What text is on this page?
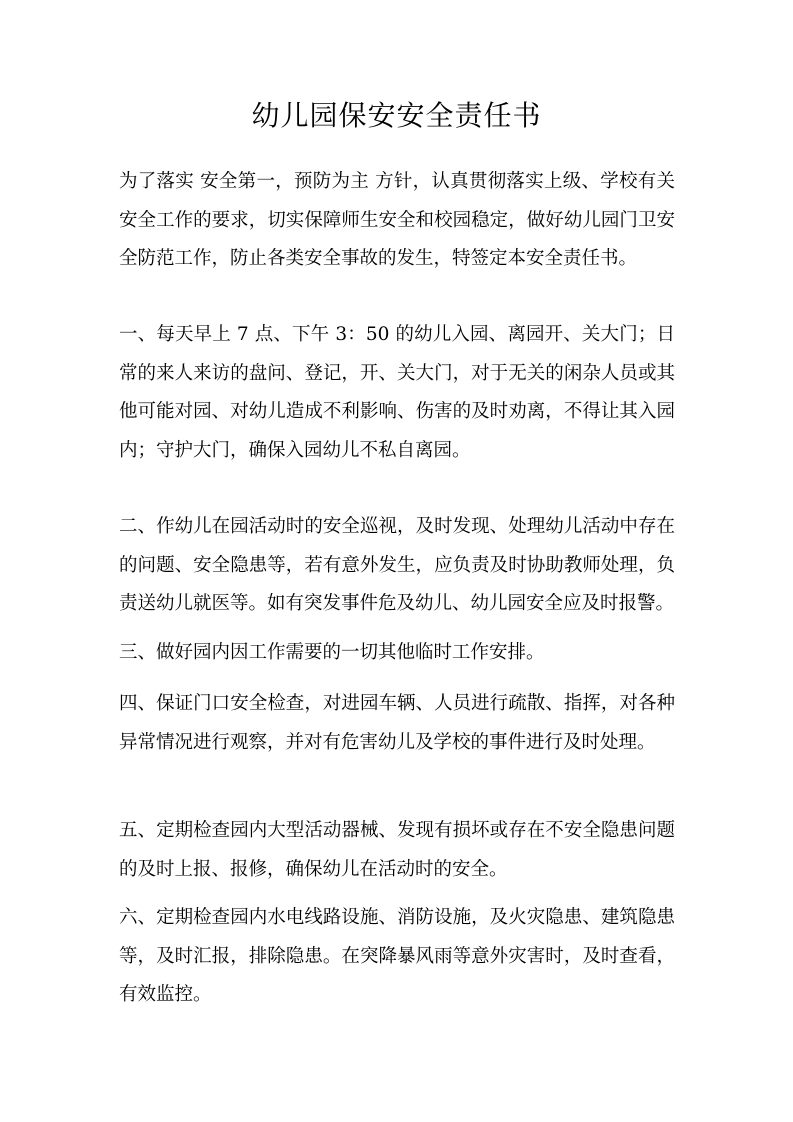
幼儿园保安安全责任书

为了落实 安全第一，预防为主 方针，认真贯彻落实上级、学校有关安全工作的要求，切实保障师生安全和校园稳定，做好幼儿园门卫安全防范工作，防止各类安全事故的发生，特签定本安全责任书。

一、每天早上 7 点、下午 3：50 的幼儿入园、离园开、关大门；日常的来人来访的盘问、登记，开、关大门，对于无关的闲杂人员或其他可能对园、对幼儿造成不利影响、伤害的及时劝离，不得让其入园内；守护大门，确保入园幼儿不私自离园。

二、作幼儿在园活动时的安全巡视，及时发现、处理幼儿活动中存在的问题、安全隐患等，若有意外发生，应负责及时协助教师处理，负责送幼儿就医等。如有突发事件危及幼儿、幼儿园安全应及时报警。

三、做好园内因工作需要的一切其他临时工作安排。

四、保证门口安全检查，对进园车辆、人员进行疏散、指挥，对各种异常情况进行观察，并对有危害幼儿及学校的事件进行及时处理。

五、定期检查园内大型活动器械、发现有损坏或存在不安全隐患问题的及时上报、报修，确保幼儿在活动时的安全。

六、定期检查园内水电线路设施、消防设施，及火灾隐患、建筑隐患等，及时汇报，排除隐患。在突降暴风雨等意外灾害时，及时查看，有效监控。
